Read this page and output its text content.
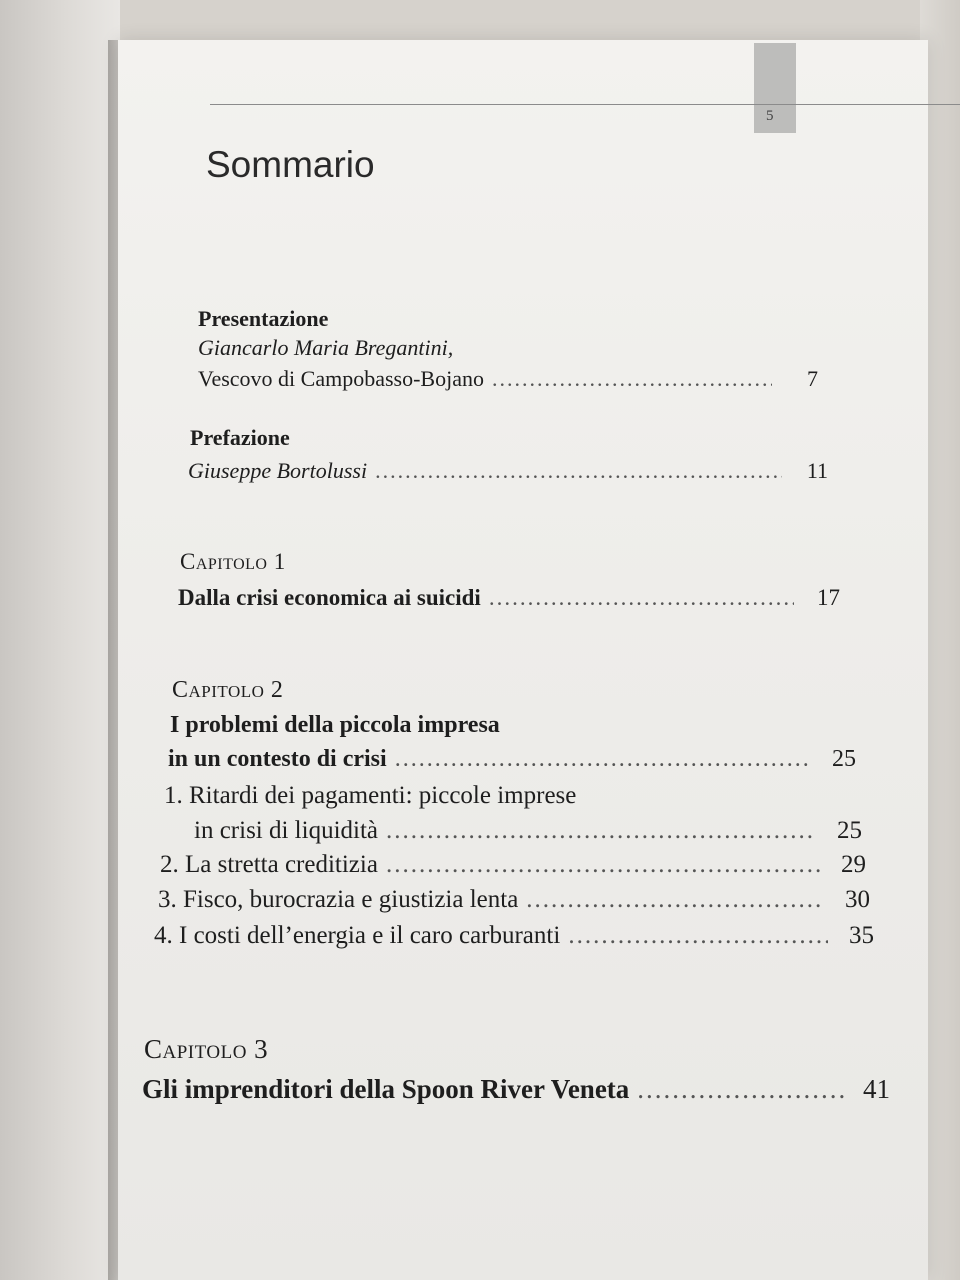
5
Sommario
Presentazione
Giancarlo Maria Bregantini,
Vescovo di Campobasso-Bojano .....	7
Prefazione
Giuseppe Bortolussi .....	11
Capitolo 1
Dalla crisi economica ai suicidi .....	17
Capitolo 2
I problemi della piccola impresa
in un contesto di crisi .....	25
1. Ritardi dei pagamenti: piccole imprese
in crisi di liquidità .....	25
2. La stretta creditizia .....	29
3. Fisco, burocrazia e giustizia lenta .....	30
4. I costi dell’energia e il caro carburanti .....	35
Capitolo 3
Gli imprenditori della Spoon River Veneta .....	41
